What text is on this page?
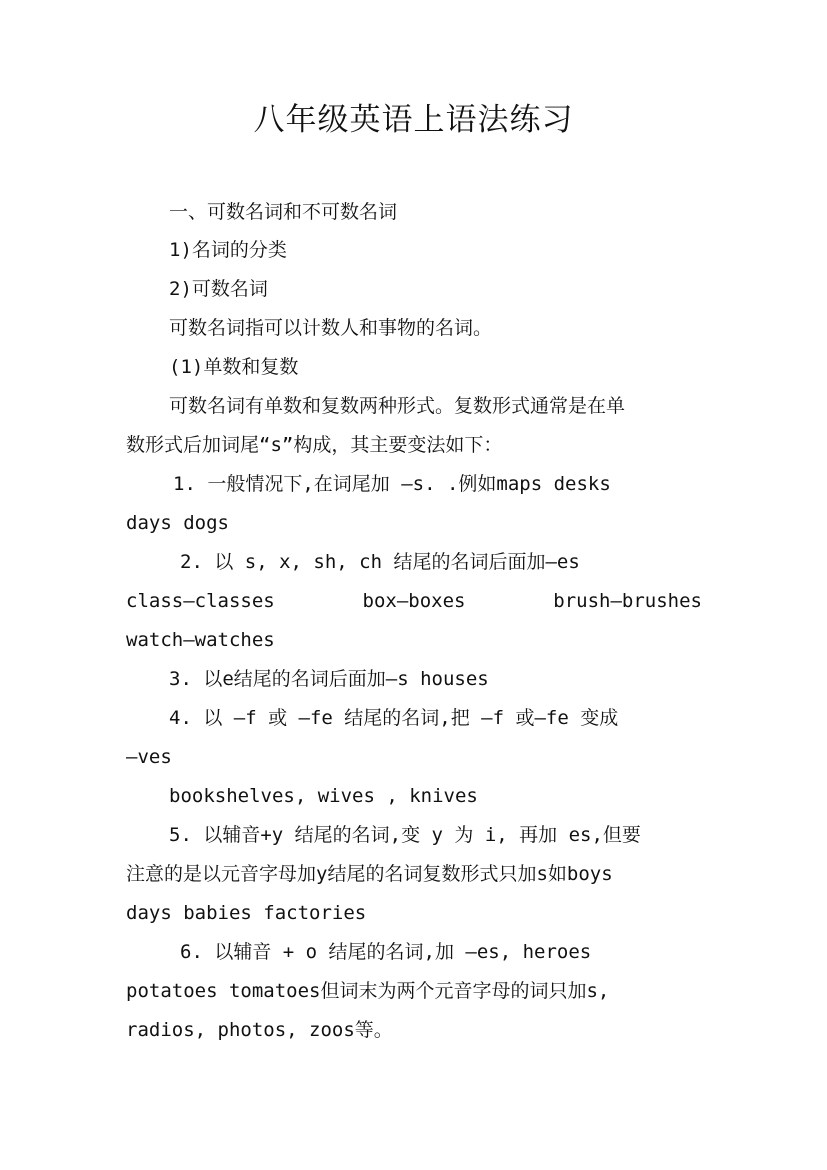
八年级英语上语法练习
一、可数名词和不可数名词
1)名词的分类
2)可数名词
可数名词指可以计数人和事物的名词。
(1)单数和复数
可数名词有单数和复数两种形式。复数形式通常是在单
数形式后加词尾“s”构成，其主要变法如下：
1. 一般情况下,在词尾加 —s. .例如maps desks
days dogs
2. 以 s, x, sh, ch 结尾的名词后面加—es
class—classes	box—boxes	brush—brushes
watch—watches
3. 以e结尾的名词后面加—s houses
4. 以 —f 或 —fe 结尾的名词,把 —f 或—fe 变成
—ves
bookshelves, wives , knives
5. 以辅音+y 结尾的名词,变 y 为 i, 再加 es,但要
注意的是以元音字母加y结尾的名词复数形式只加s如boys
days babies factories
6. 以辅音 + o 结尾的名词,加 —es, heroes
potatoes tomatoes但词末为两个元音字母的词只加s,
radios, photos, zoos等。
